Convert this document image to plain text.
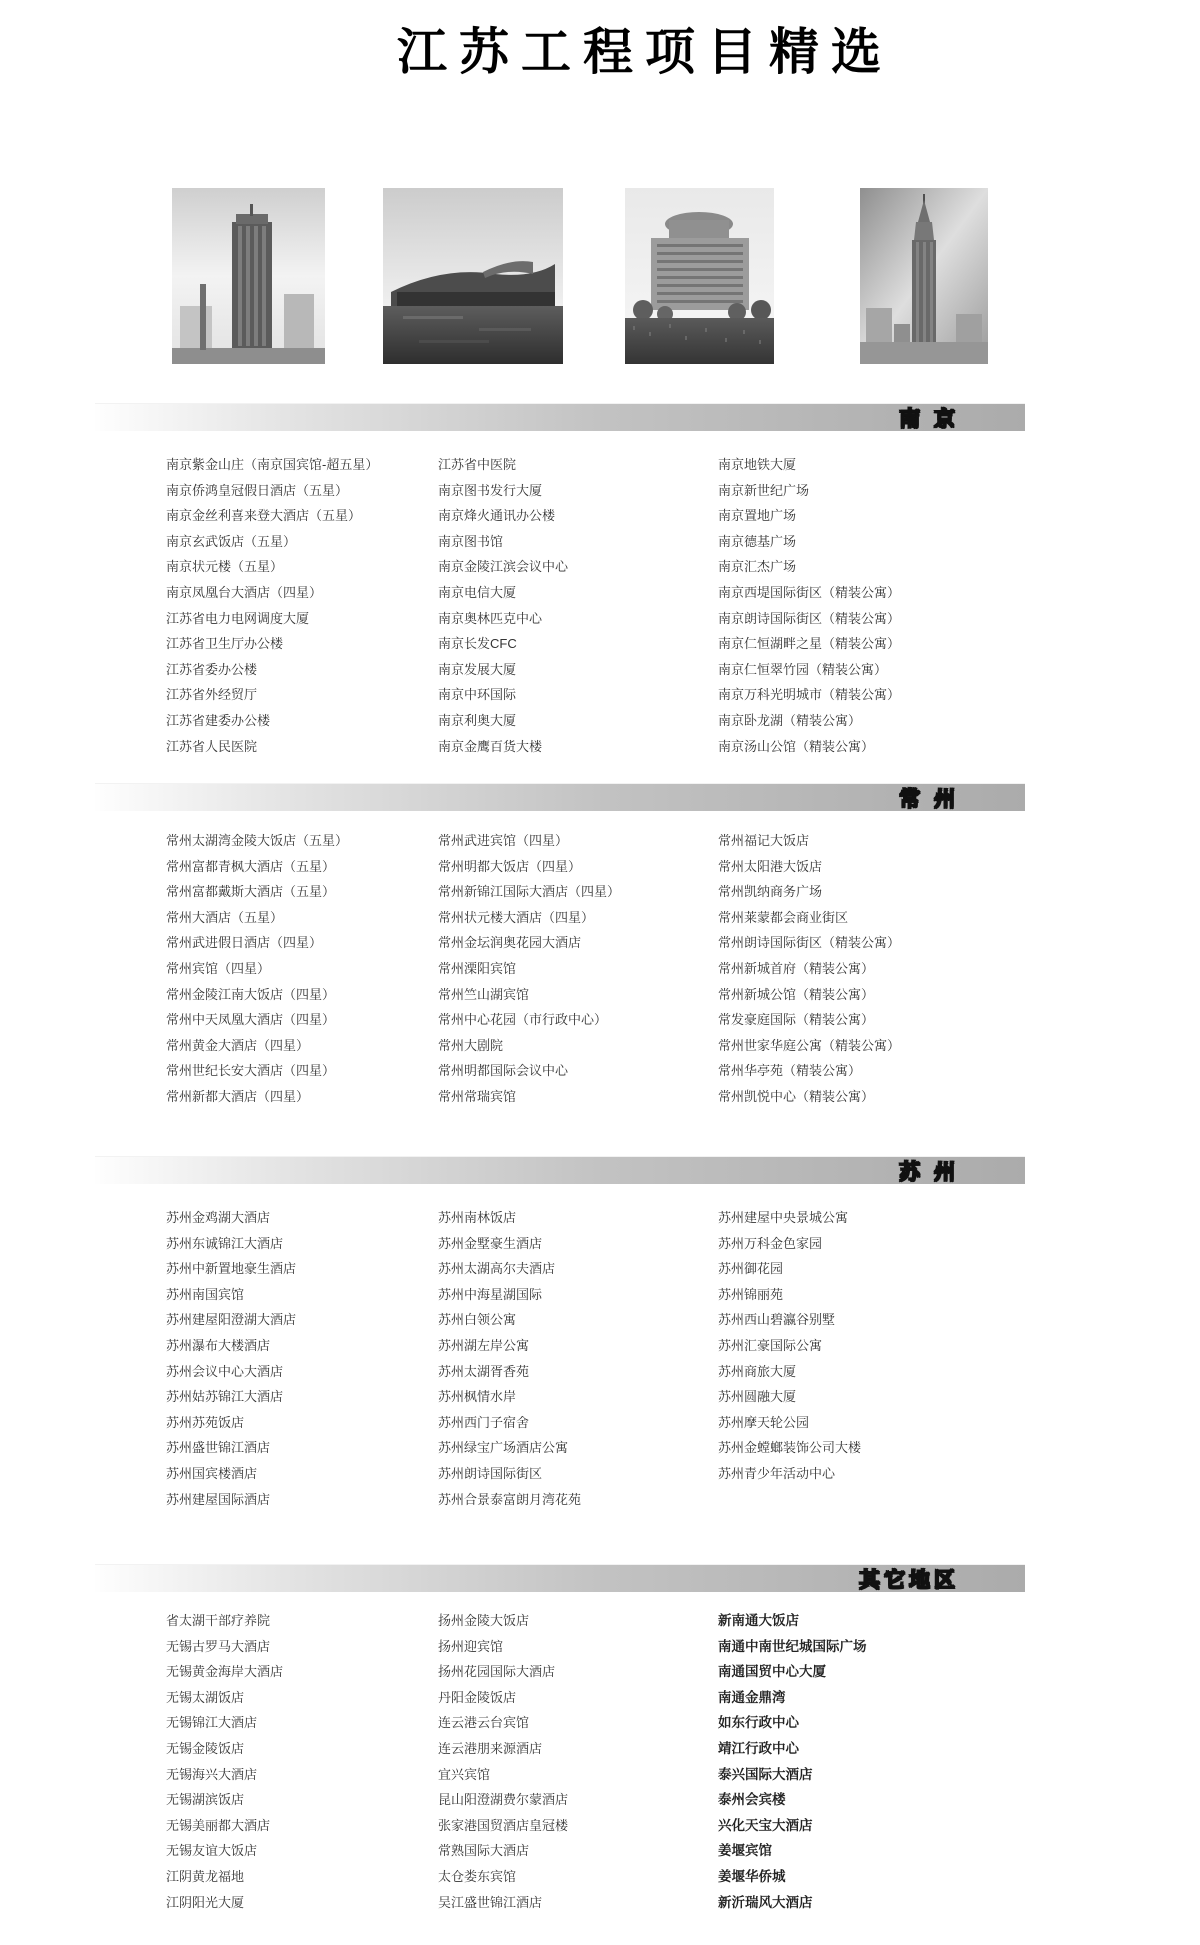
江苏工程项目精选
南 京
南京紫金山庄（南京国宾馆-超五星）
南京侨鸿皇冠假日酒店（五星）
南京金丝利喜来登大酒店（五星）
南京玄武饭店（五星）
南京状元楼（五星）
南京凤凰台大酒店（四星）
江苏省电力电网调度大厦
江苏省卫生厅办公楼
江苏省委办公楼
江苏省外经贸厅
江苏省建委办公楼
江苏省人民医院
江苏省中医院
南京图书发行大厦
南京烽火通讯办公楼
南京图书馆
南京金陵江滨会议中心
南京电信大厦
南京奥林匹克中心
南京长发CFC
南京发展大厦
南京中环国际
南京利奥大厦
南京金鹰百货大楼
南京地铁大厦
南京新世纪广场
南京置地广场
南京德基广场
南京汇杰广场
南京西堤国际街区（精装公寓）
南京朗诗国际街区（精装公寓）
南京仁恒湖畔之星（精装公寓）
南京仁恒翠竹园（精装公寓）
南京万科光明城市（精装公寓）
南京卧龙湖（精装公寓）
南京汤山公馆（精装公寓）
常 州
常州太湖湾金陵大饭店（五星）
常州富都青枫大酒店（五星）
常州富都戴斯大酒店（五星）
常州大酒店（五星）
常州武进假日酒店（四星）
常州宾馆（四星）
常州金陵江南大饭店（四星）
常州中天凤凰大酒店（四星）
常州黄金大酒店（四星）
常州世纪长安大酒店（四星）
常州新都大酒店（四星）
常州武进宾馆（四星）
常州明都大饭店（四星）
常州新锦江国际大酒店（四星）
常州状元楼大酒店（四星）
常州金坛润奥花园大酒店
常州溧阳宾馆
常州竺山湖宾馆
常州中心花园（市行政中心）
常州大剧院
常州明都国际会议中心
常州常瑞宾馆
常州福记大饭店
常州太阳港大饭店
常州凯纳商务广场
常州莱蒙都会商业街区
常州朗诗国际街区（精装公寓）
常州新城首府（精装公寓）
常州新城公馆（精装公寓）
常发豪庭国际（精装公寓）
常州世家华庭公寓（精装公寓）
常州华亭苑（精装公寓）
常州凯悦中心（精装公寓）
苏 州
苏州金鸡湖大酒店
苏州东诚锦江大酒店
苏州中新置地豪生酒店
苏州南国宾馆
苏州建屋阳澄湖大酒店
苏州瀑布大楼酒店
苏州会议中心大酒店
苏州姑苏锦江大酒店
苏州苏苑饭店
苏州盛世锦江酒店
苏州国宾楼酒店
苏州建屋国际酒店
苏州南林饭店
苏州金墅豪生酒店
苏州太湖高尔夫酒店
苏州中海星湖国际
苏州白领公寓
苏州湖左岸公寓
苏州太湖胥香苑
苏州枫情水岸
苏州西门子宿舍
苏州绿宝广场酒店公寓
苏州朗诗国际街区
苏州合景泰富朗月湾花苑
苏州建屋中央景城公寓
苏州万科金色家园
苏州御花园
苏州锦丽苑
苏州西山碧瀛谷别墅
苏州汇豪国际公寓
苏州商旅大厦
苏州圆融大厦
苏州摩天轮公园
苏州金螳螂装饰公司大楼
苏州青少年活动中心
其它地区
省太湖干部疗养院
无锡古罗马大酒店
无锡黄金海岸大酒店
无锡太湖饭店
无锡锦江大酒店
无锡金陵饭店
无锡海兴大酒店
无锡湖滨饭店
无锡美丽都大酒店
无锡友谊大饭店
江阴黄龙福地
江阴阳光大厦
扬州金陵大饭店
扬州迎宾馆
扬州花园国际大酒店
丹阳金陵饭店
连云港云台宾馆
连云港朋来源酒店
宜兴宾馆
昆山阳澄湖费尔蒙酒店
张家港国贸酒店皇冠楼
常熟国际大酒店
太仓娄东宾馆
吴江盛世锦江酒店
新南通大饭店
南通中南世纪城国际广场
南通国贸中心大厦
南通金鼎湾
如东行政中心
靖江行政中心
泰兴国际大酒店
泰州会宾楼
兴化天宝大酒店
姜堰宾馆
姜堰华侨城
新沂瑞风大酒店
